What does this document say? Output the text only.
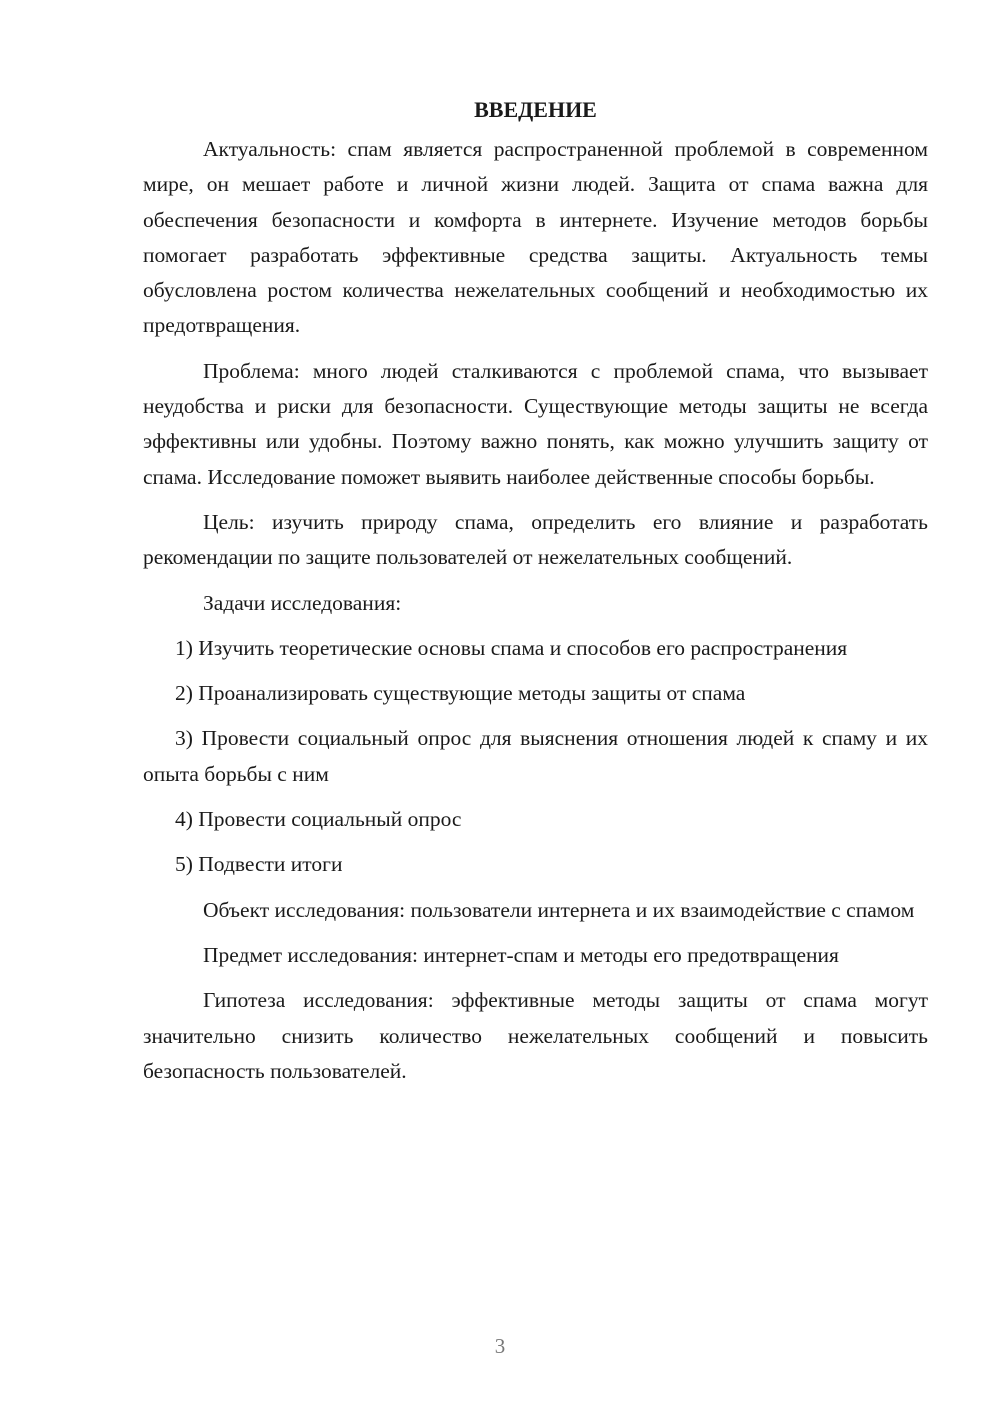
ВВЕДЕНИЕ

Актуальность: спам является распространенной проблемой в современном мире, он мешает работе и личной жизни людей. Защита от спама важна для обеспечения безопасности и комфорта в интернете. Изучение методов борьбы помогает разработать эффективные средства защиты. Актуальность темы обусловлена ростом количества нежелательных сообщений и необходимостью их предотвращения.

Проблема: много людей сталкиваются с проблемой спама, что вызывает неудобства и риски для безопасности. Существующие методы защиты не всегда эффективны или удобны. Поэтому важно понять, как можно улучшить защиту от спама. Исследование поможет выявить наиболее действенные способы борьбы.

Цель: изучить природу спама, определить его влияние и разработать рекомендации по защите пользователей от нежелательных сообщений.

Задачи исследования:

1) Изучить теоретические основы спама и способов его распространения

2) Проанализировать существующие методы защиты от спама

3) Провести социальный опрос для выяснения отношения людей к спаму и их опыта борьбы с ним

4) Провести социальный опрос

5) Подвести итоги

Объект исследования: пользователи интернета и их взаимодействие с спамом

Предмет исследования: интернет-спам и методы его предотвращения

Гипотеза исследования: эффективные методы защиты от спама могут значительно снизить количество нежелательных сообщений и повысить безопасность пользователей.

3
